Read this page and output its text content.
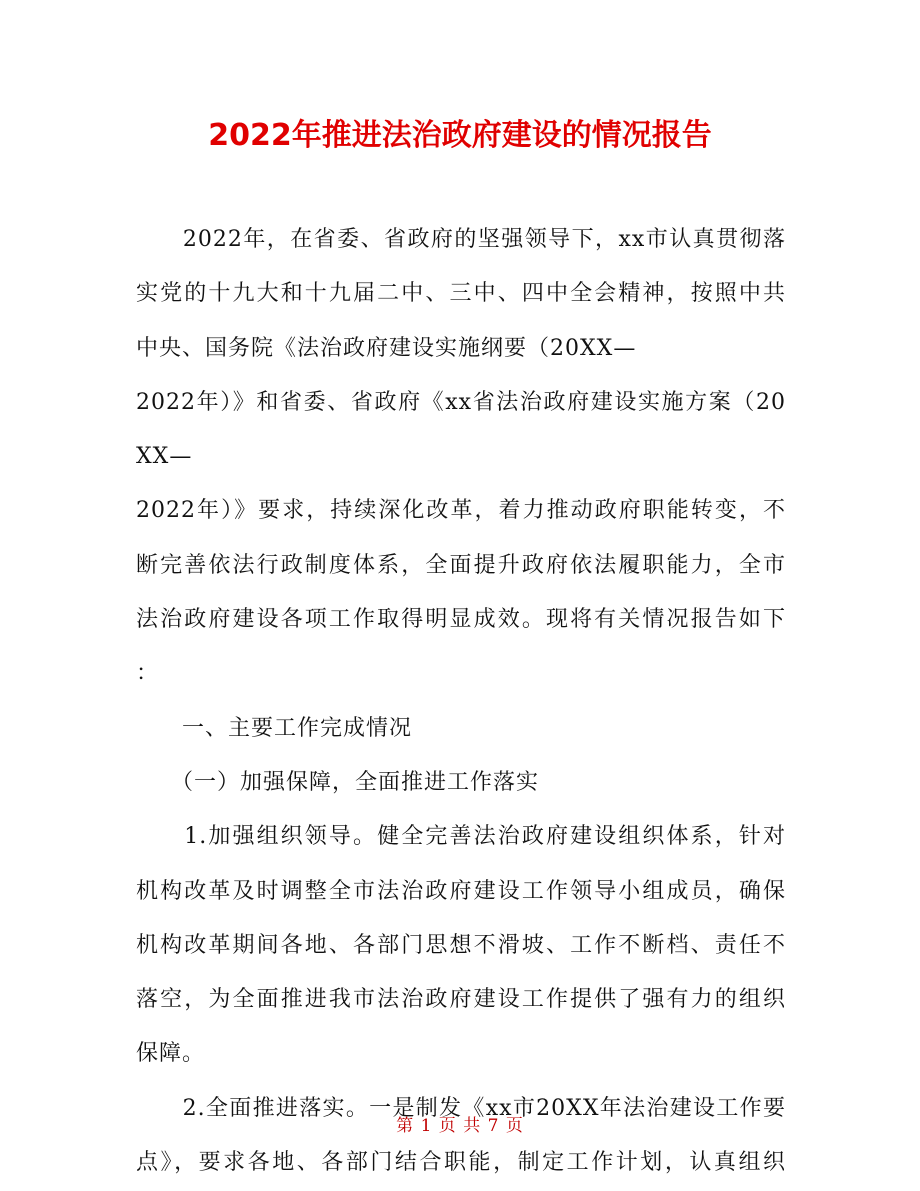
2022年推进法治政府建设的情况报告
　　2022年，在省委、省政府的坚强领导下，xx市认真贯彻落
实党的十九大和十九届二中、三中、四中全会精神，按照中共
中央、国务院《法治政府建设实施纲要（20XX—
2022年）》和省委、省政府《xx省法治政府建设实施方案（20
XX—
2022年）》要求，持续深化改革，着力推动政府职能转变，不
断完善依法行政制度体系，全面提升政府依法履职能力，全市
法治政府建设各项工作取得明显成效。现将有关情况报告如下
：
　　一、主要工作完成情况
　　（一）加强保障，全面推进工作落实
　　1.加强组织领导。健全完善法治政府建设组织体系，针对
机构改革及时调整全市法治政府建设工作领导小组成员，确保
机构改革期间各地、各部门思想不滑坡、工作不断档、责任不
落空，为全面推进我市法治政府建设工作提供了强有力的组织
保障。
　　2.全面推进落实。一是制发《xx市20XX年法治建设工作要
点》，要求各地、各部门结合职能，制定工作计划，认真组织
第 1 页 共 7 页
